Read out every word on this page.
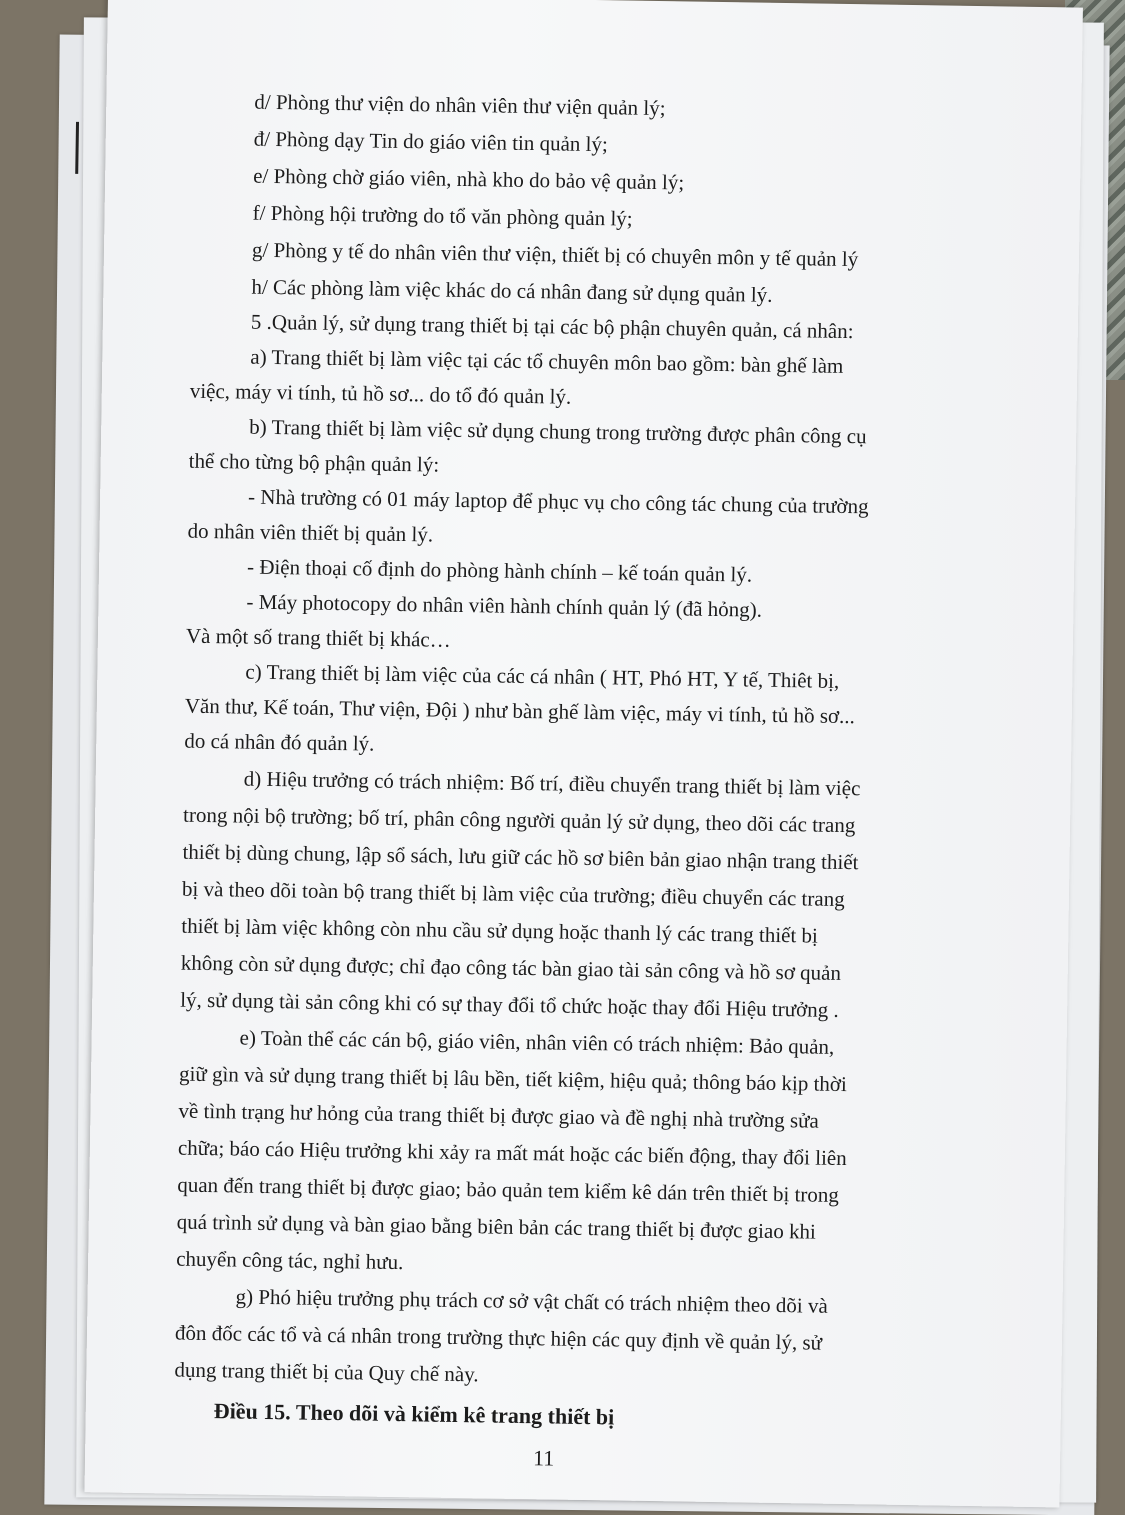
d/ Phòng thư viện do nhân viên thư viện quản lý;
đ/ Phòng dạy Tin do giáo viên tin quản lý;
e/ Phòng chờ giáo viên, nhà kho do bảo vệ quản lý;
f/ Phòng hội trường do tổ văn phòng quản lý;
g/ Phòng y tế do nhân viên thư viện, thiết bị có chuyên môn y tế quản lý
h/ Các phòng làm việc khác do cá nhân đang sử dụng quản lý.
5 .Quản lý, sử dụng trang thiết bị tại các bộ phận chuyên quản, cá nhân:
a) Trang thiết bị làm việc tại các tổ chuyên môn bao gồm: bàn ghế làm
việc, máy vi tính, tủ hồ sơ... do tổ đó quản lý.
b) Trang thiết bị làm việc sử dụng chung trong trường được phân công cụ
thể cho từng bộ phận quản lý:
- Nhà trường có 01 máy laptop để phục vụ cho công tác chung của trường
do nhân viên thiết bị quản lý.
- Điện thoại cố định do phòng hành chính – kế toán quản lý.
- Máy photocopy do nhân viên hành chính quản lý (đã hỏng).
Và một số trang thiết bị khác…
c) Trang thiết bị làm việc của các cá nhân ( HT, Phó HT, Y tế, Thiêt bị,
Văn thư, Kế toán, Thư viện, Đội ) như bàn ghế làm việc, máy vi tính, tủ hồ sơ...
do cá nhân đó quản lý.
d) Hiệu trưởng có trách nhiệm: Bố trí, điều chuyển trang thiết bị làm việc
trong nội bộ trường; bố trí, phân công người quản lý sử dụng, theo dõi các trang
thiết bị dùng chung, lập sổ sách, lưu giữ các hồ sơ biên bản giao nhận trang thiết
bị và theo dõi toàn bộ trang thiết bị làm việc của trường; điều chuyển các trang
thiết bị làm việc không còn nhu cầu sử dụng hoặc thanh lý các trang thiết bị
không còn sử dụng được; chỉ đạo công tác bàn giao tài sản công và hồ sơ quản
lý, sử dụng tài sản công khi có sự thay đổi tổ chức hoặc thay đổi Hiệu trưởng .
e) Toàn thể các cán bộ, giáo viên, nhân viên có trách nhiệm: Bảo quản,
giữ gìn và sử dụng trang thiết bị lâu bền, tiết kiệm, hiệu quả; thông báo kịp thời
về tình trạng hư hỏng của trang thiết bị được giao và đề nghị nhà trường sửa
chữa; báo cáo Hiệu trưởng khi xảy ra mất mát hoặc các biến động, thay đổi liên
quan đến trang thiết bị được giao; bảo quản tem kiểm kê dán trên thiết bị trong
quá trình sử dụng và bàn giao bằng biên bản các trang thiết bị được giao khi
chuyển công tác, nghỉ hưu.
g) Phó hiệu trưởng phụ trách cơ sở vật chất có trách nhiệm theo dõi và
đôn đốc các tổ và cá nhân trong trường thực hiện các quy định về quản lý, sử
dụng trang thiết bị của Quy chế này.
Điều 15. Theo dõi và kiểm kê trang thiết bị
11
